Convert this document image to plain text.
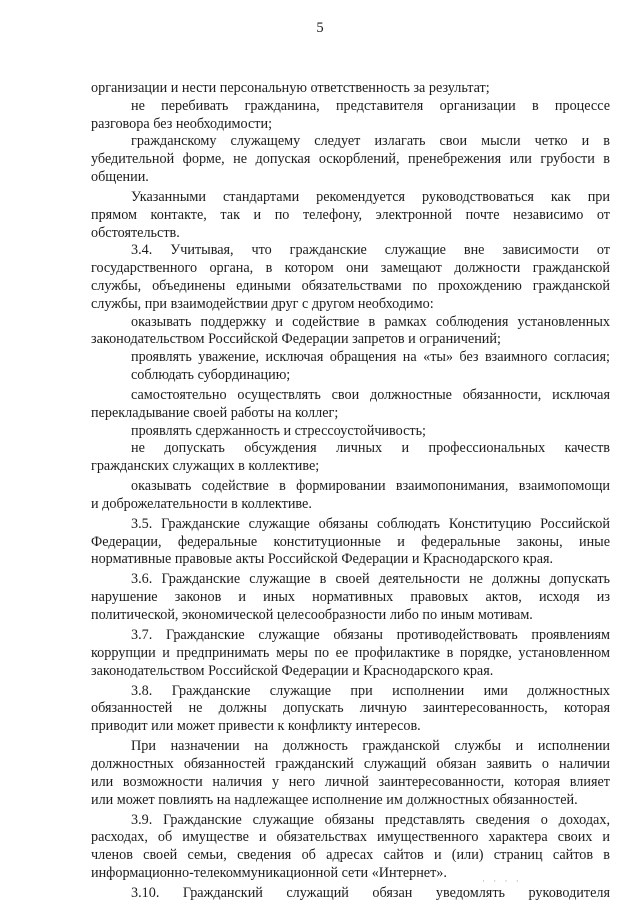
5
организации и нести персональную ответственность за результат;
не перебивать гражданина, представителя организации в процессе
разговора без необходимости;
гражданскому служащему следует излагать свои мысли четко и в
убедительной форме, не допуская оскорблений, пренебрежения или грубости в
общении.
Указанными стандартами рекомендуется руководствоваться как при
прямом контакте, так и по телефону, электронной почте независимо от
обстоятельств.
3.4. Учитывая, что гражданские служащие вне зависимости от
государственного органа, в котором они замещают должности гражданской
службы, объединены едиными обязательствами по прохождению гражданской
службы, при взаимодействии друг с другом необходимо:
оказывать поддержку и содействие в рамках соблюдения установленных
законодательством Российской Федерации запретов и ограничений;
проявлять уважение, исключая обращения на «ты» без взаимного согласия;
соблюдать субординацию;
самостоятельно осуществлять свои должностные обязанности, исключая
перекладывание своей работы на коллег;
проявлять сдержанность и стрессоустойчивость;
не допускать обсуждения личных и профессиональных качеств
гражданских служащих в коллективе;
оказывать содействие в формировании взаимопонимания, взаимопомощи
и доброжелательности в коллективе.
3.5. Гражданские служащие обязаны соблюдать Конституцию Российской
Федерации, федеральные конституционные и федеральные законы, иные
нормативные правовые акты Российской Федерации и Краснодарского края.
3.6. Гражданские служащие в своей деятельности не должны допускать
нарушение законов и иных нормативных правовых актов, исходя из
политической, экономической целесообразности либо по иным мотивам.
3.7. Гражданские служащие обязаны противодействовать проявлениям
коррупции и предпринимать меры по ее профилактике в порядке, установленном
законодательством Российской Федерации и Краснодарского края.
3.8. Гражданские служащие при исполнении ими должностных
обязанностей не должны допускать личную заинтересованность, которая
приводит или может привести к конфликту интересов.
При назначении на должность гражданской службы и исполнении
должностных обязанностей гражданский служащий обязан заявить о наличии
или возможности наличия у него личной заинтересованности, которая влияет
или может повлиять на надлежащее исполнение им должностных обязанностей.
3.9. Гражданские служащие обязаны представлять сведения о доходах,
расходах, об имуществе и обязательствах имущественного характера своих и
членов своей семьи, сведения об адресах сайтов и (или) страниц сайтов в
информационно-телекоммуникационной сети «Интернет».
3.10. Гражданский служащий обязан уведомлять руководителя
· · · ·
